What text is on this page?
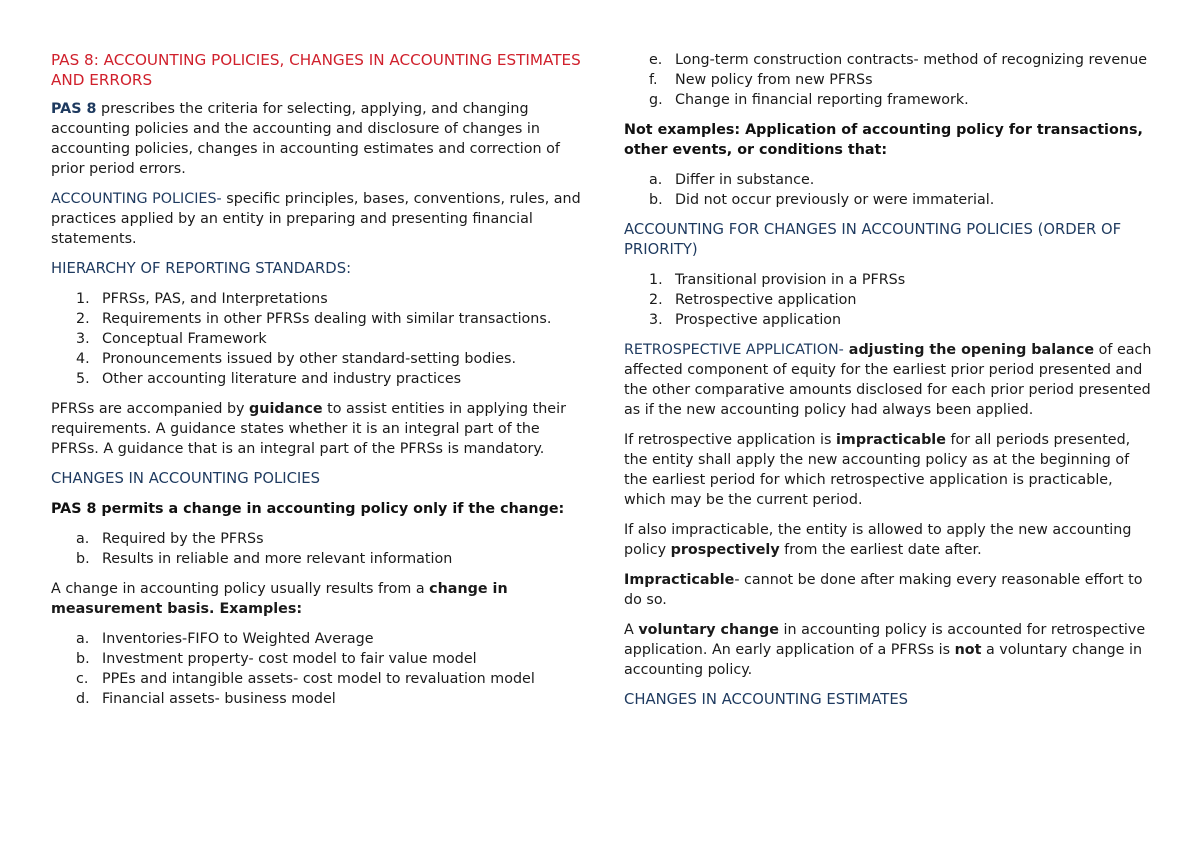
PAS 8: ACCOUNTING POLICIES, CHANGES IN ACCOUNTING ESTIMATES AND ERRORS

PAS 8 prescribes the criteria for selecting, applying, and changing accounting policies and the accounting and disclosure of changes in accounting policies, changes in accounting estimates and correction of prior period errors.

ACCOUNTING POLICIES- specific principles, bases, conventions, rules, and practices applied by an entity in preparing and presenting financial statements.

HIERARCHY OF REPORTING STANDARDS:

1. PFRSs, PAS, and Interpretations
2. Requirements in other PFRSs dealing with similar transactions.
3. Conceptual Framework
4. Pronouncements issued by other standard-setting bodies.
5. Other accounting literature and industry practices

PFRSs are accompanied by guidance to assist entities in applying their requirements. A guidance states whether it is an integral part of the PFRSs. A guidance that is an integral part of the PFRSs is mandatory.

CHANGES IN ACCOUNTING POLICIES

PAS 8 permits a change in accounting policy only if the change:

a. Required by the PFRSs
b. Results in reliable and more relevant information

A change in accounting policy usually results from a change in measurement basis. Examples:

a. Inventories-FIFO to Weighted Average
b. Investment property- cost model to fair value model
c. PPEs and intangible assets- cost model to revaluation model
d. Financial assets- business model
e. Long-term construction contracts- method of recognizing revenue
f.	New policy from new PFRSs
g. Change in financial reporting framework.

Not examples: Application of accounting policy for transactions, other events, or conditions that:

a. Differ in substance.
b. Did not occur previously or were immaterial.

ACCOUNTING FOR CHANGES IN ACCOUNTING POLICIES (ORDER OF PRIORITY)

1. Transitional provision in a PFRSs
2. Retrospective application
3. Prospective application

RETROSPECTIVE APPLICATION- adjusting the opening balance of each affected component of equity for the earliest prior period presented and the other comparative amounts disclosed for each prior period presented as if the new accounting policy had always been applied.

If retrospective application is impracticable for all periods presented, the entity shall apply the new accounting policy as at the beginning of the earliest period for which retrospective application is practicable, which may be the current period.

If also impracticable, the entity is allowed to apply the new accounting policy prospectively from the earliest date after.

Impracticable- cannot be done after making every reasonable effort to do so.

A voluntary change in accounting policy is accounted for retrospective application. An early application of a PFRSs is not a voluntary change in accounting policy.

CHANGES IN ACCOUNTING ESTIMATES
